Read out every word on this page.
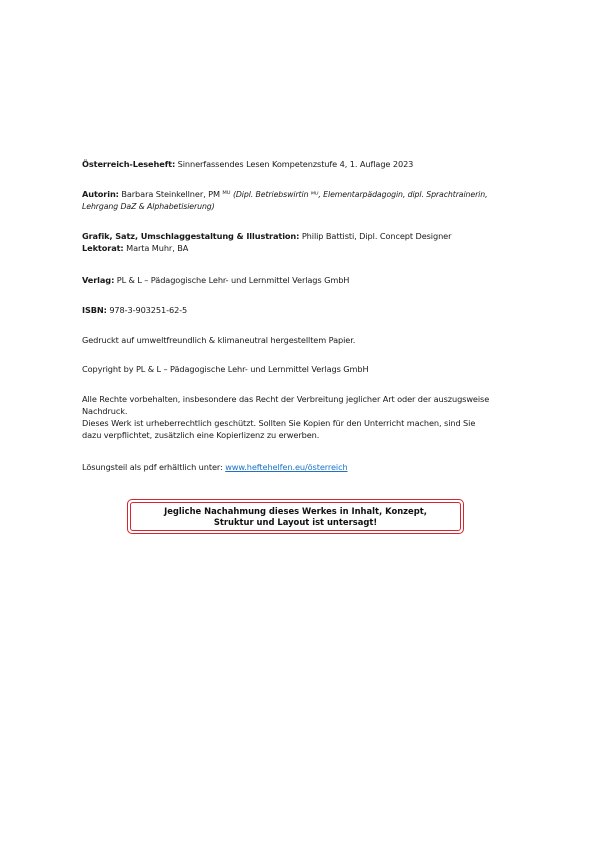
Österreich-Leseheft: Sinnerfassendes Lesen Kompetenzstufe 4, 1. Auflage 2023
Autorin: Barbara Steinkellner, PM ᴹᵁ (Dipl. Betriebswirtin ᴹᵁ, Elementarpädagogin, dipl. Sprachtrainerin,
Lehrgang DaZ & Alphabetisierung)
Grafik, Satz, Umschlaggestaltung & Illustration: Philip Battisti, Dipl. Concept Designer
Lektorat: Marta Muhr, BA
Verlag: PL & L – Pädagogische Lehr- und Lernmittel Verlags GmbH
ISBN: 978-3-903251-62-5
Gedruckt auf umweltfreundlich & klimaneutral hergestelltem Papier.
Copyright by PL & L – Pädagogische Lehr- und Lernmittel Verlags GmbH
Alle Rechte vorbehalten, insbesondere das Recht der Verbreitung jeglicher Art oder der auszugsweise
Nachdruck.
Dieses Werk ist urheberrechtlich geschützt. Sollten Sie Kopien für den Unterricht machen, sind Sie
dazu verpflichtet, zusätzlich eine Kopierlizenz zu erwerben.
Lösungsteil als pdf erhältlich unter: www.heftehelfen.eu/österreich
Jegliche Nachahmung dieses Werkes in Inhalt, Konzept,
Struktur und Layout ist untersagt!
